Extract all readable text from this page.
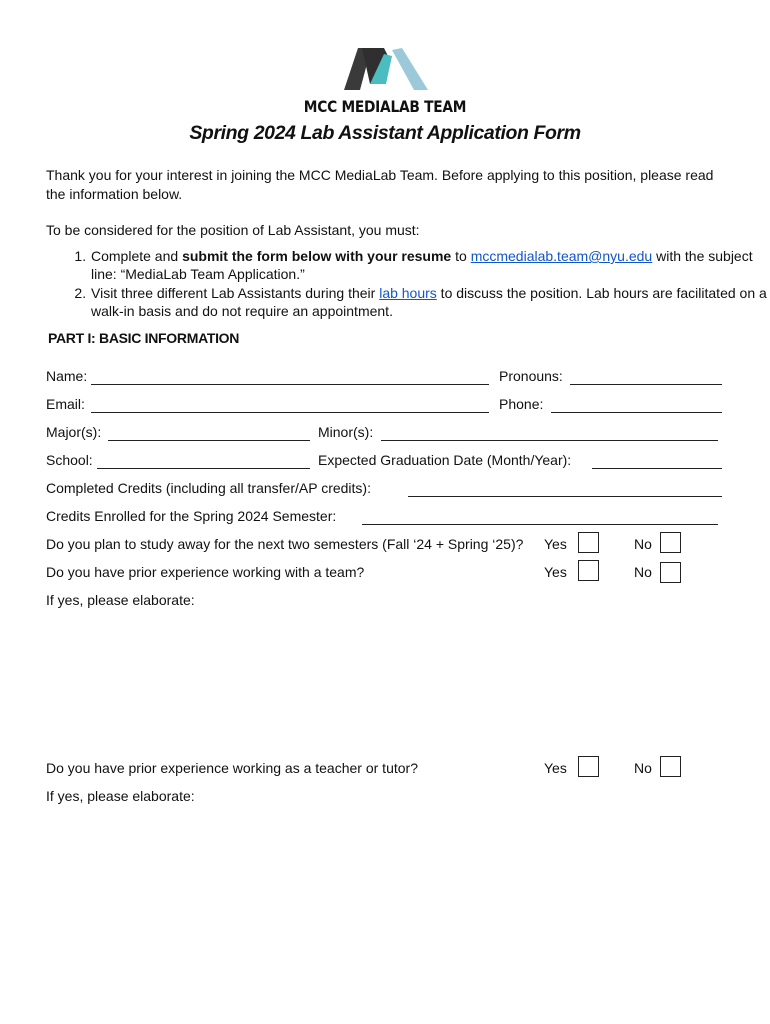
MCC MEDIALAB TEAM
Spring 2024 Lab Assistant Application Form
Thank you for your interest in joining the MCC MediaLab Team. Before applying to this position, please read the information below.
To be considered for the position of Lab Assistant, you must:
1. Complete and submit the form below with your resume to mccmedialab.team@nyu.edu with the subject line: “MediaLab Team Application.”
2. Visit three different Lab Assistants during their lab hours to discuss the position. Lab hours are facilitated on a walk-in basis and do not require an appointment.
PART I: BASIC INFORMATION
Name:	Pronouns:
Email:	Phone:
Major(s):	Minor(s):
School:	Expected Graduation Date (Month/Year):
Completed Credits (including all transfer/AP credits):
Credits Enrolled for the Spring 2024 Semester:
Do you plan to study away for the next two semesters (Fall ‘24 + Spring ‘25)? Yes	No
Do you have prior experience working with a team?	Yes	No
If yes, please elaborate:
Do you have prior experience working as a teacher or tutor?	Yes	No
If yes, please elaborate:
